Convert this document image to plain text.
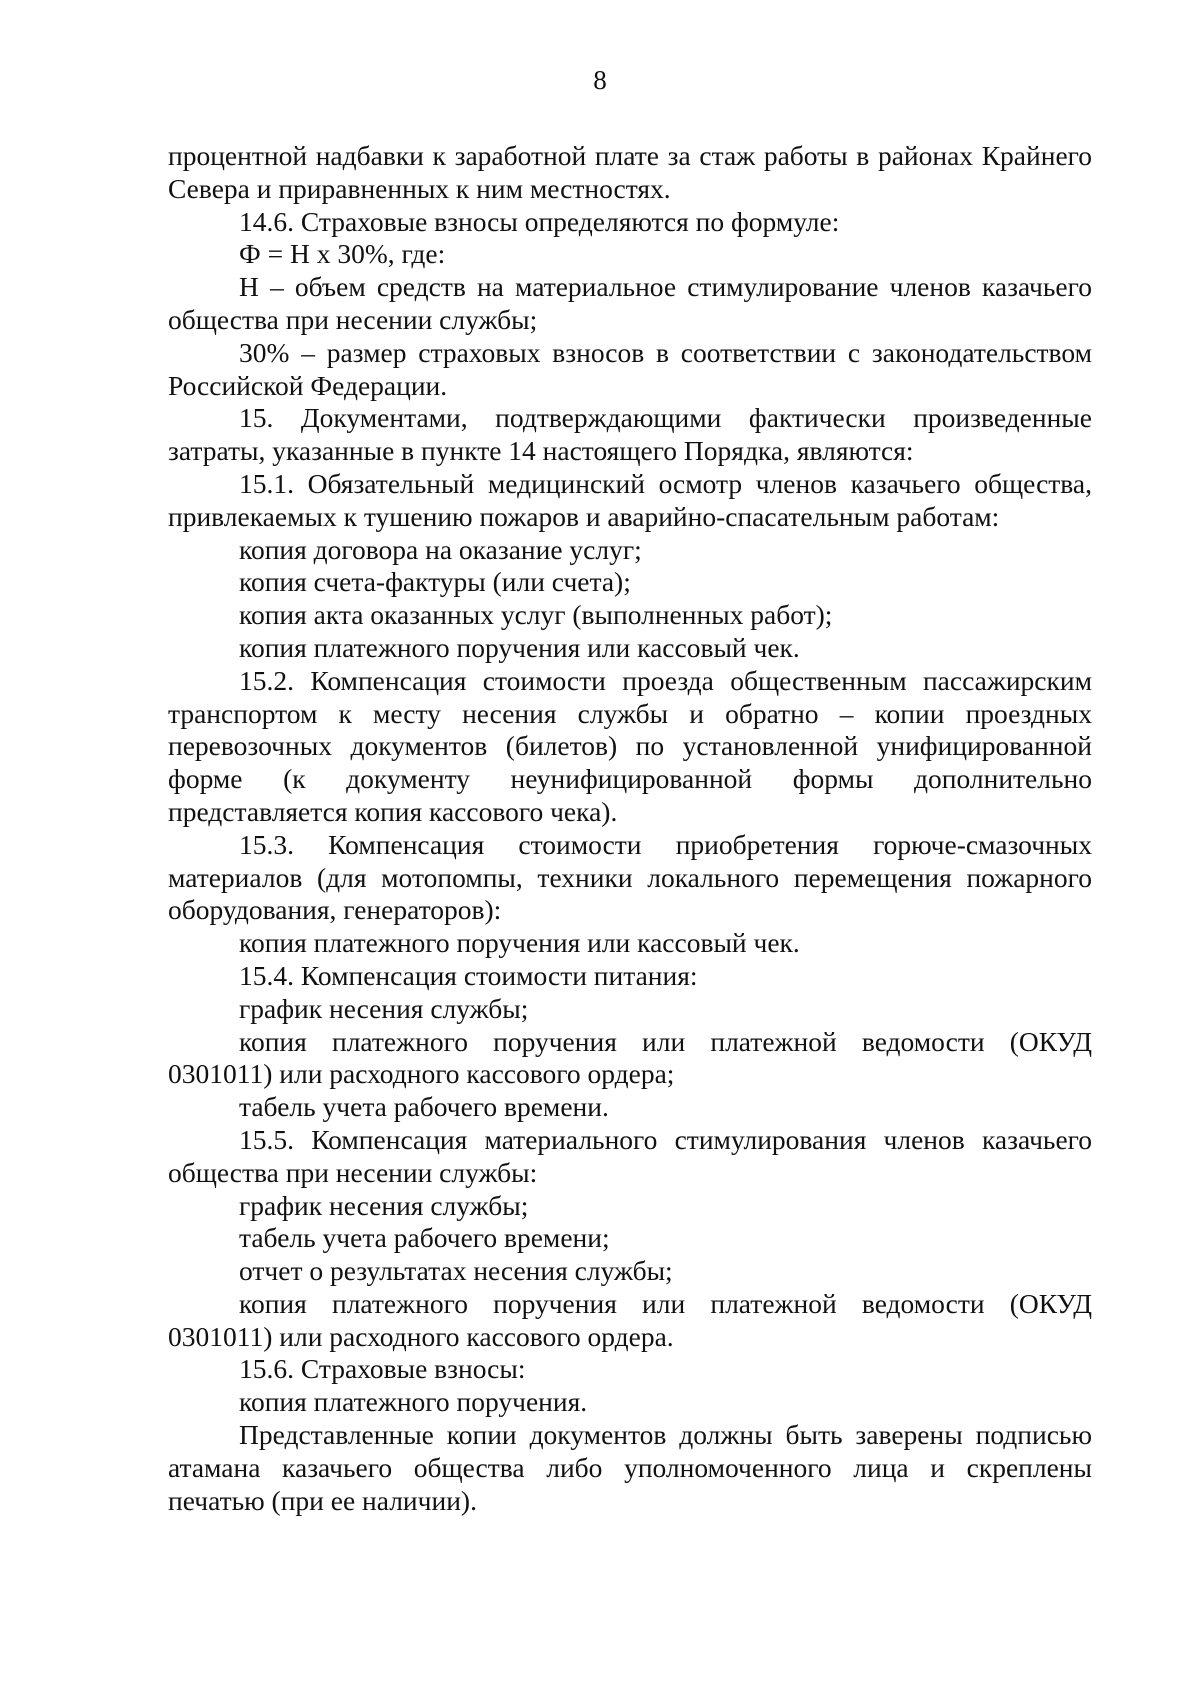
8

процентной надбавки к заработной плате за стаж работы в районах Крайнего Севера и приравненных к ним местностях.

14.6. Страховые взносы определяются по формуле:

Ф = Н х 30%, где:

Н – объем средств на материальное стимулирование членов казачьего общества при несении службы;

30% – размер страховых взносов в соответствии с законодательством Российской Федерации.

15. Документами, подтверждающими фактически произведенные затраты, указанные в пункте 14 настоящего Порядка, являются:

15.1. Обязательный медицинский осмотр членов казачьего общества, привлекаемых к тушению пожаров и аварийно-спасательным работам:

копия договора на оказание услуг;

копия счета-фактуры (или счета);

копия акта оказанных услуг (выполненных работ);

копия платежного поручения или кассовый чек.

15.2. Компенсация стоимости проезда общественным пассажирским транспортом к месту несения службы и обратно – копии проездных перевозочных документов (билетов) по установленной унифицированной форме (к документу неунифицированной формы дополнительно представляется копия кассового чека).

15.3. Компенсация стоимости приобретения горюче-смазочных материалов (для мотопомпы, техники локального перемещения пожарного оборудования, генераторов):

копия платежного поручения или кассовый чек.

15.4. Компенсация стоимости питания:

график несения службы;

копия платежного поручения или платежной ведомости (ОКУД 0301011) или расходного кассового ордера;

табель учета рабочего времени.

15.5. Компенсация материального стимулирования членов казачьего общества при несении службы:

график несения службы;

табель учета рабочего времени;

отчет о результатах несения службы;

копия платежного поручения или платежной ведомости (ОКУД 0301011) или расходного кассового ордера.

15.6. Страховые взносы:

копия платежного поручения.

Представленные копии документов должны быть заверены подписью атамана казачьего общества либо уполномоченного лица и скреплены печатью (при ее наличии).
